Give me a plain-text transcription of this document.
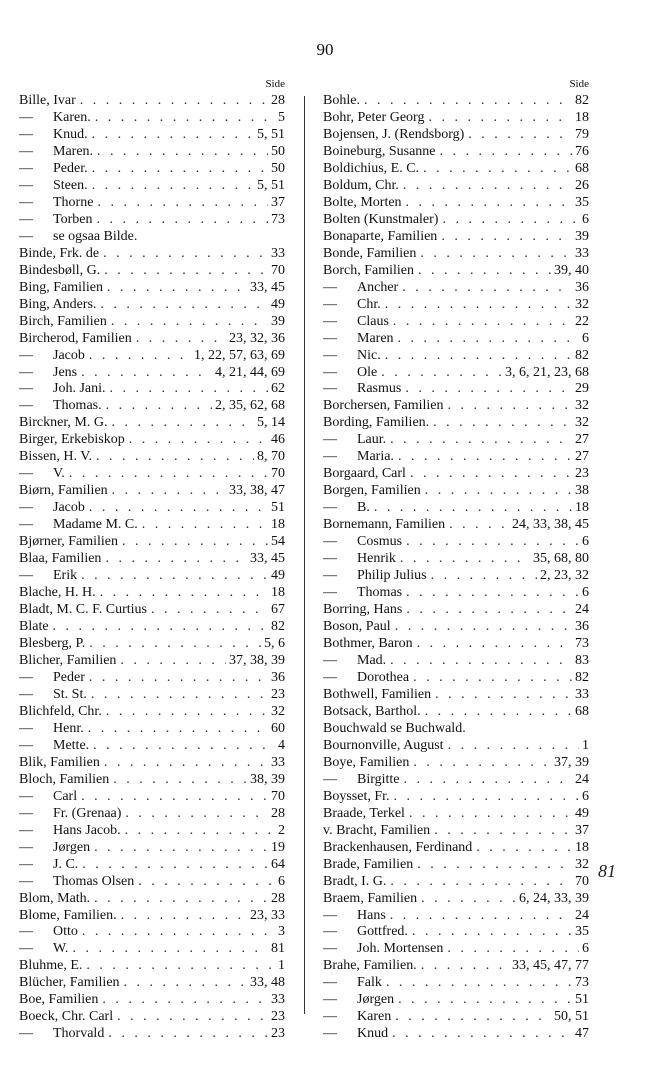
90
Side
Bille, Ivar . . .	28
— Karen. . . .	5
— Knud. . . .	5, 51
— Maren. . . .	50
— Peder. . . .	50
— Steen. . . .	5, 51
— Thorne . . .	37
— Torben . . .	73
— se ogsaa Bilde.
Binde, Frk. de . . .	33
Bindesbøll, G. . . .	70
Bing, Familien . . .	33, 45
Bing, Anders. . . .	49
Birch, Familien . . .	39
Bircherod, Familien . . .	23, 32, 36
— Jacob . . .	1, 22, 57, 63, 69
— Jens . . .	4, 21, 44, 69
— Joh. Jani. . . .	62
— Thomas. . . .	2, 35, 62, 68
Birckner, M. G. . . .	5, 14
Birger, Erkebiskop . . .	46
Bissen, H. V. . . .	8, 70
— V. . . .	70
Biørn, Familien . . .	33, 38, 47
— Jacob . . .	51
— Madame M. C. . . .	18
Bjørner, Familien . . .	54
Blaa, Familien . . .	33, 45
— Erik . . .	49
Blache, H. H. . . .	18
Bladt, M. C. F. Curtius . . .	67
Blate . . .	82
Blesberg, P. . . .	5, 6
Blicher, Familien . . .	37, 38, 39
— Peder . . .	36
— St. St. . . .	23
Blichfeld, Chr. . . .	32
— Henr. . . .	60
— Mette. . . .	4
Blik, Familien . . .	33
Bloch, Familien . . .	38, 39
— Carl . . .	70
— Fr. (Grenaa) . . .	28
— Hans Jacob. . . .	2
— Jørgen . . .	19
— J. C. . . .	64
— Thomas Olsen . . .	6
Blom, Math. . . .	28
Blome, Familien. . . .	23, 33
— Otto . . .	3
— W. . . .	81
Bluhme, E. . . .	1
Blücher, Familien . . .	33, 48
Boe, Familien . . .	33
Boeck, Chr. Carl . . .	23
— Thorvald . . .	23
Side
Bohle. . . .	82
Bohr, Peter Georg . . .	18
Bojensen, J. (Rendsborg) . . .	79
Boineburg, Susanne . . .	76
Boldichius, E. C. . . .	68
Boldum, Chr. . . .	26
Bolte, Morten . . .	35
Bolten (Kunstmaler) . . .	6
Bonaparte, Familien . . .	39
Bonde, Familien . . .	33
Borch, Familien . . .	39, 40
— Ancher . . .	36
— Chr. . . .	32
— Claus . . .	22
— Maren . . .	6
— Nic. . . .	82
— Ole . . .	3, 6, 21, 23, 68
— Rasmus . . .	29
Borchersen, Familien . . .	32
Bording, Familien. . . .	32
— Laur. . . .	27
— Maria. . . .	27
Borgaard, Carl . . .	23
Borgen, Familien . . .	38
— B. . . .	18
Bornemann, Familien . . .	24, 33, 38, 45
— Cosmus . . .	6
— Henrik . . .	35, 68, 80
— Philip Julius . . .	2, 23, 32
— Thomas . . .	6
Borring, Hans . . .	24
Boson, Paul . . .	36
Bothmer, Baron . . .	73
— Mad. . . .	83
— Dorothea . . .	82
Bothwell, Familien . . .	33
Botsack, Barthol. . . .	68
Bouchwald se Buchwald.
Bournonville, August . . .	1
Boye, Familien . . .	37, 39
— Birgitte . . .	24
Boysset, Fr. . . .	6
Braade, Terkel . . .	49
v. Bracht, Familien . . .	37
Brackenhausen, Ferdinand . . .	18
Brade, Familien . . .	32
Bradt, I. G. . . .	70
Braem, Familien . . .	6, 24, 33, 39
— Hans . . .	24
— Gottfred. . . .	35
— Joh. Mortensen . . .	6
Brahe, Familien. . . .	33, 45, 47, 77
— Falk . . .	73
— Jørgen . . .	51
— Karen . . .	50, 51
— Knud . . .	47
81
